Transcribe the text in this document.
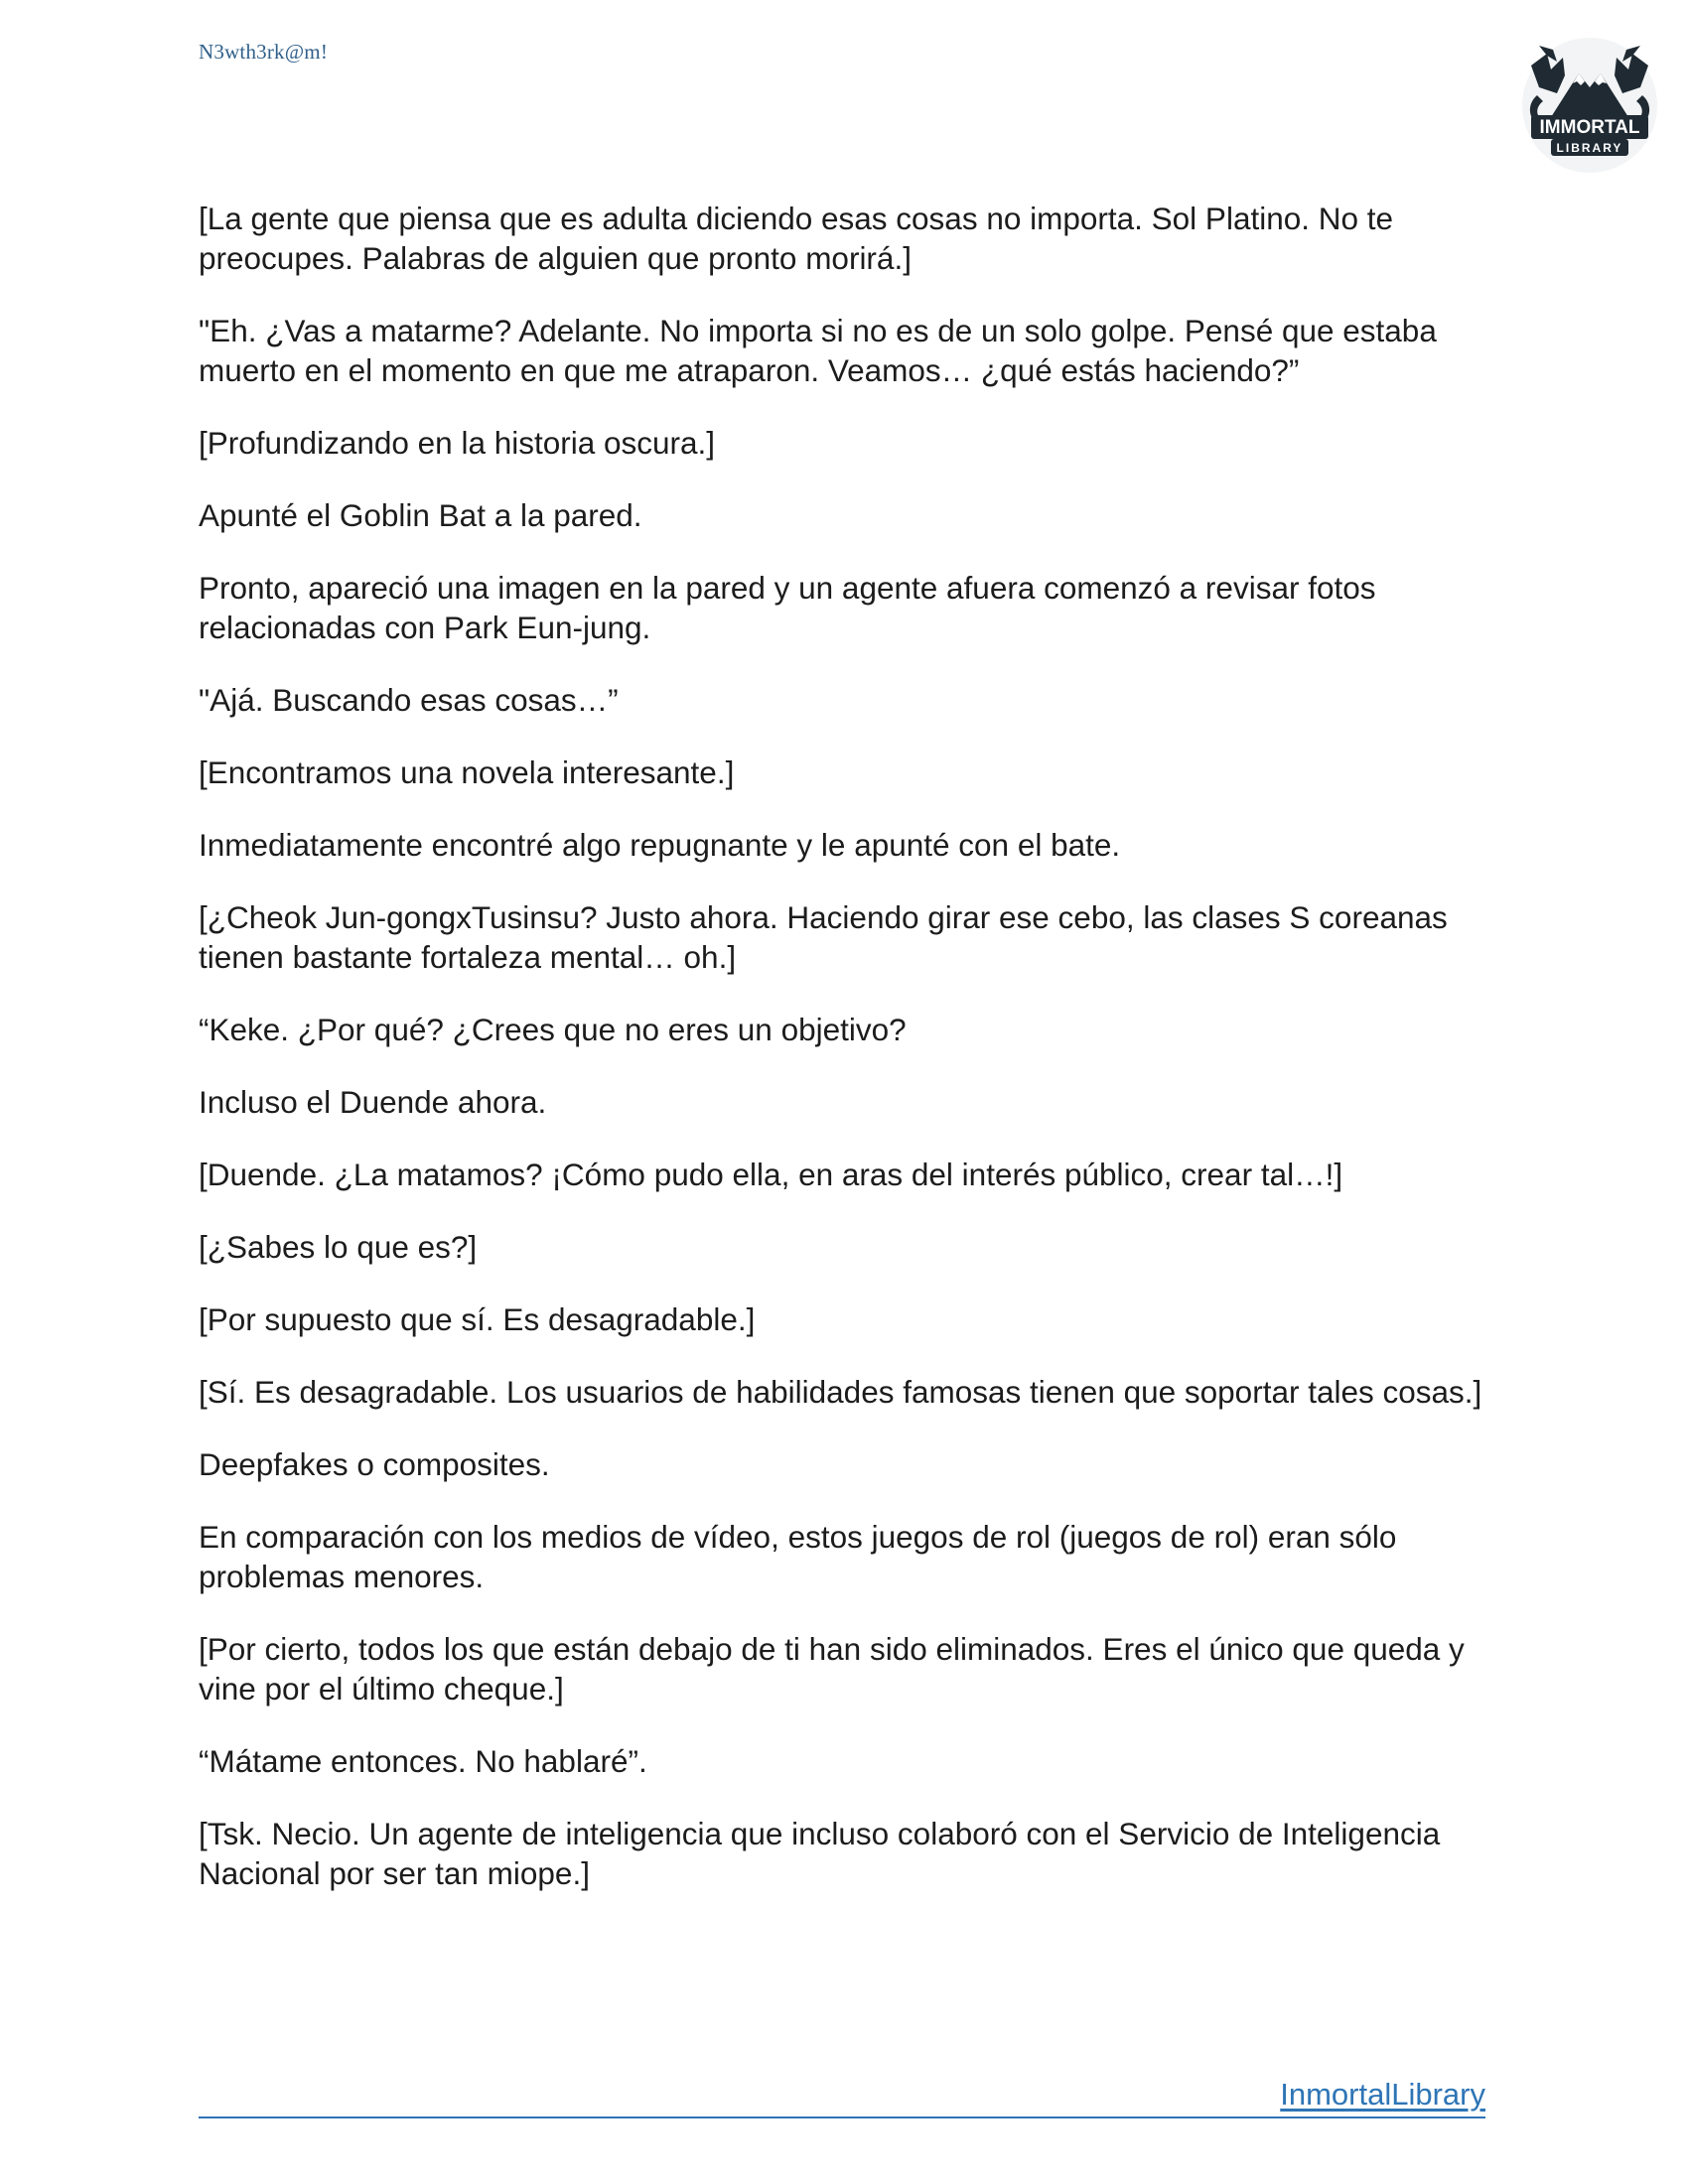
N3wth3rk@m!
IMMORTAL
LIBRARY

[La gente que piensa que es adulta diciendo esas cosas no importa. Sol Platino. No te preocupes. Palabras de alguien que pronto morirá.]

"Eh. ¿Vas a matarme? Adelante. No importa si no es de un solo golpe. Pensé que estaba muerto en el momento en que me atraparon. Veamos… ¿qué estás haciendo?”

[Profundizando en la historia oscura.]

Apunté el Goblin Bat a la pared.

Pronto, apareció una imagen en la pared y un agente afuera comenzó a revisar fotos relacionadas con Park Eun-jung.

"Ajá. Buscando esas cosas…”

[Encontramos una novela interesante.]

Inmediatamente encontré algo repugnante y le apunté con el bate.

[¿Cheok Jun-gongxTusinsu? Justo ahora. Haciendo girar ese cebo, las clases S coreanas tienen bastante fortaleza mental… oh.]

“Keke. ¿Por qué? ¿Crees que no eres un objetivo?

Incluso el Duende ahora.

[Duende. ¿La matamos? ¡Cómo pudo ella, en aras del interés público, crear tal…!]

[¿Sabes lo que es?]

[Por supuesto que sí. Es desagradable.]

[Sí. Es desagradable. Los usuarios de habilidades famosas tienen que soportar tales cosas.]

Deepfakes o composites.

En comparación con los medios de vídeo, estos juegos de rol (juegos de rol) eran sólo problemas menores.

[Por cierto, todos los que están debajo de ti han sido eliminados. Eres el único que queda y vine por el último cheque.]

“Mátame entonces. No hablaré”.

[Tsk. Necio. Un agente de inteligencia que incluso colaboró con el Servicio de Inteligencia Nacional por ser tan miope.]

InmortalLibrary
